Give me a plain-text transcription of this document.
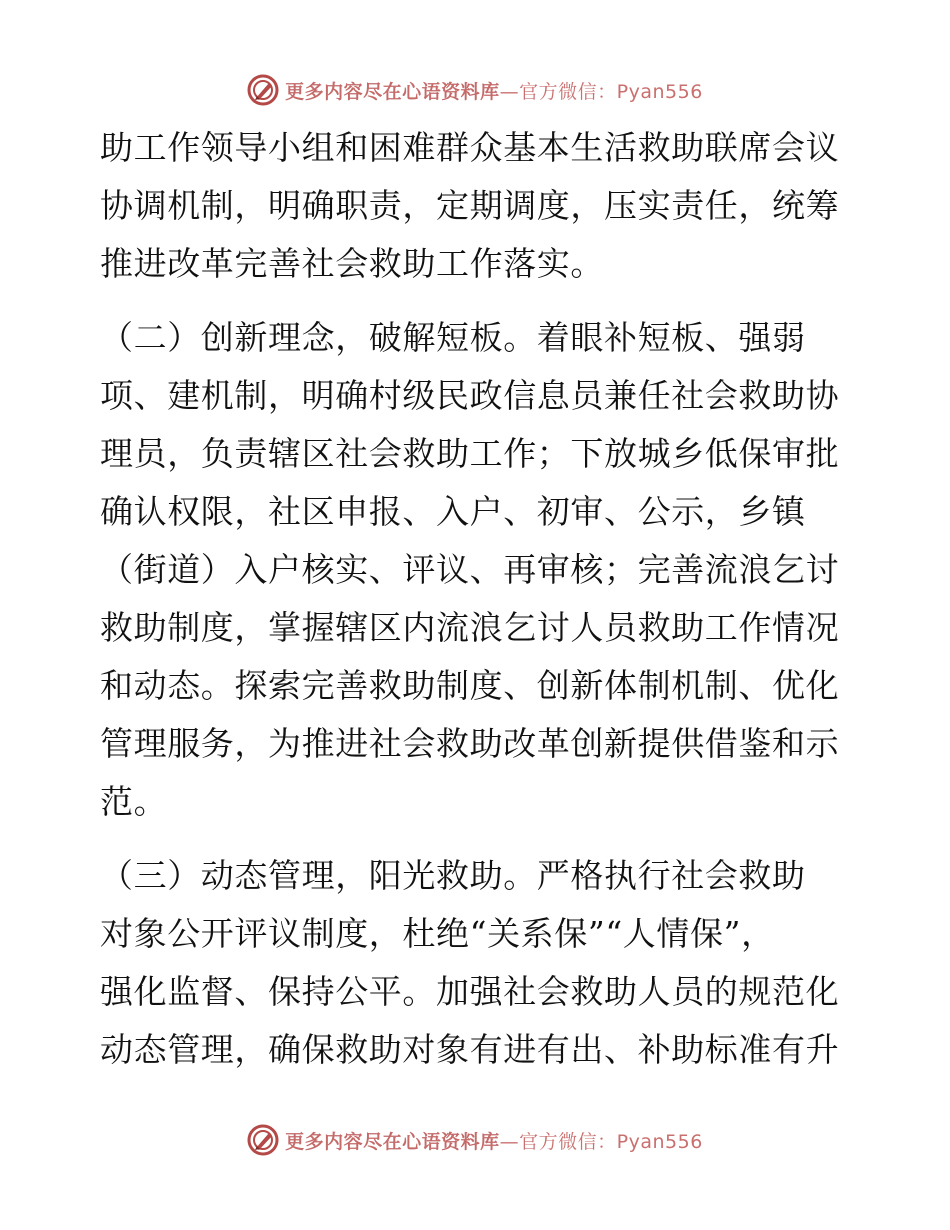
更多内容尽在心语资料库—官方微信：Pyan556
助工作领导小组和困难群众基本生活救助联席会议
协调机制，明确职责，定期调度，压实责任，统筹
推进改革完善社会救助工作落实。
（二）创新理念，破解短板。着眼补短板、强弱
项、建机制，明确村级民政信息员兼任社会救助协
理员，负责辖区社会救助工作；下放城乡低保审批
确认权限，社区申报、入户、初审、公示，乡镇
（街道）入户核实、评议、再审核；完善流浪乞讨
救助制度，掌握辖区内流浪乞讨人员救助工作情况
和动态。探索完善救助制度、创新体制机制、优化
管理服务，为推进社会救助改革创新提供借鉴和示
范。
（三）动态管理，阳光救助。严格执行社会救助
对象公开评议制度，杜绝“关系保”“人情保”，
强化监督、保持公平。加强社会救助人员的规范化
动态管理，确保救助对象有进有出、补助标准有升
更多内容尽在心语资料库—官方微信：Pyan556
